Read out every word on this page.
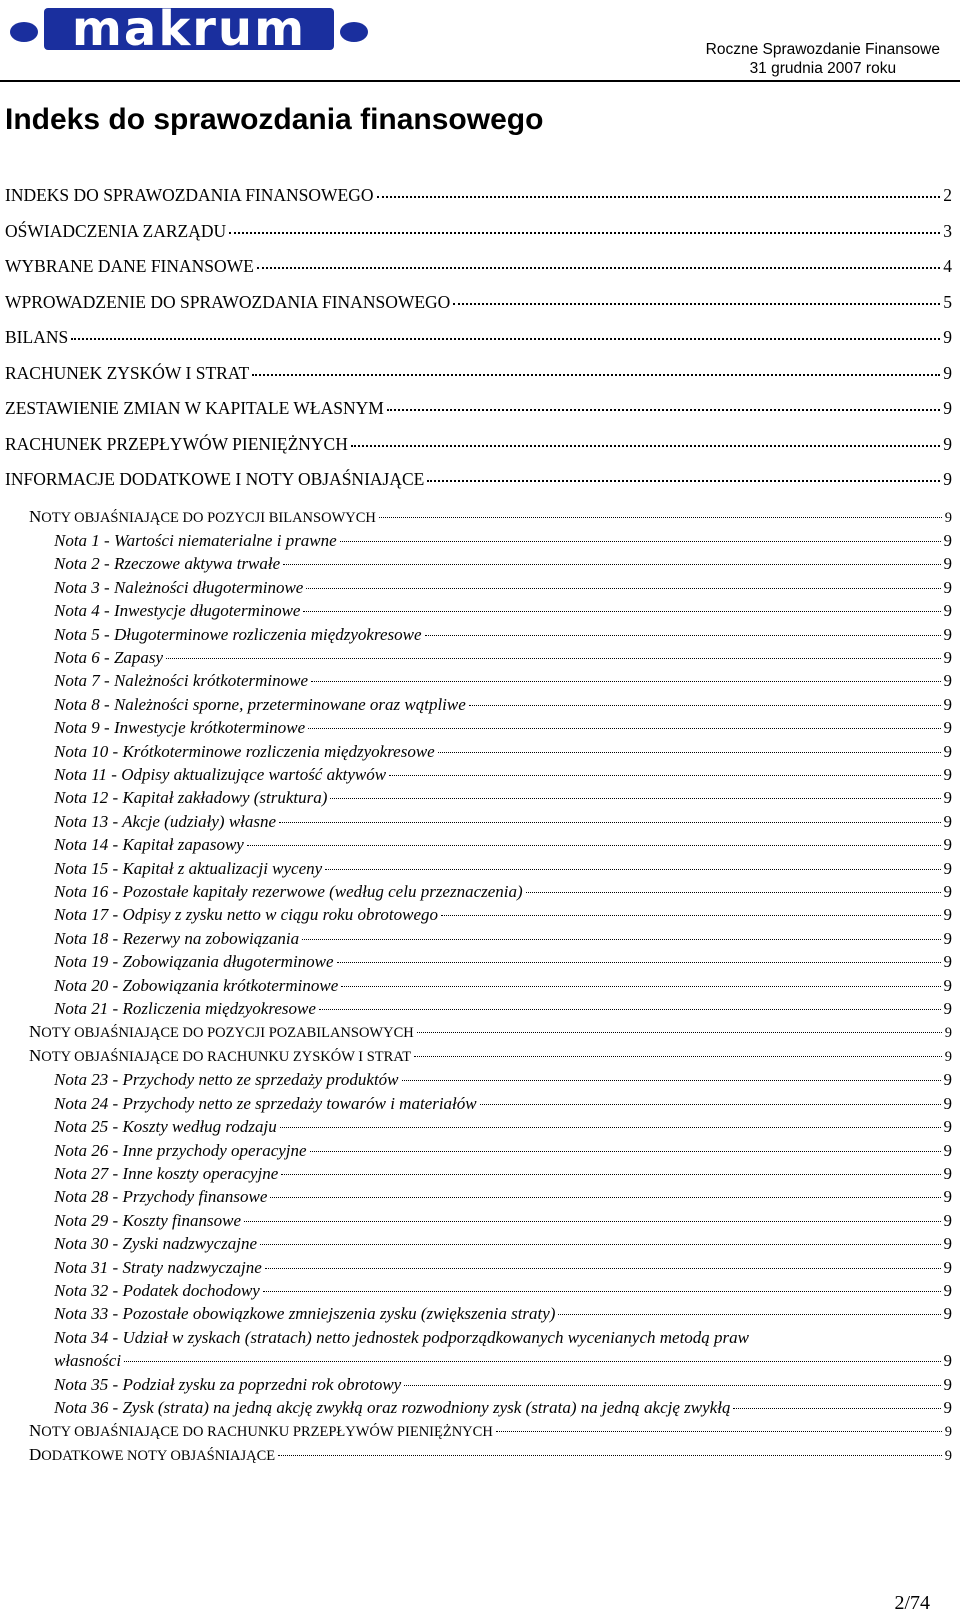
makrum	Roczne Sprawozdanie Finansowe
31 grudnia 2007 roku
Indeks do sprawozdania finansowego
INDEKS DO SPRAWOZDANIA FINANSOWEGO	2
OŚWIADCZENIA ZARZĄDU	3
WYBRANE DANE FINANSOWE	4
WPROWADZENIE DO SPRAWOZDANIA FINANSOWEGO	5
BILANS	9
RACHUNEK ZYSKÓW I STRAT	9
ZESTAWIENIE ZMIAN W KAPITALE WŁASNYM	9
RACHUNEK PRZEPŁYWÓW PIENIĘŻNYCH	9
INFORMACJE DODATKOWE I NOTY OBJAŚNIAJĄCE	9
NOTY OBJAŚNIAJĄCE DO POZYCJI BILANSOWYCH	9
Nota 1 - Wartości niematerialne i prawne	9
Nota 2 - Rzeczowe aktywa trwałe	9
Nota 3 - Należności długoterminowe	9
Nota 4 - Inwestycje długoterminowe	9
Nota 5 - Długoterminowe rozliczenia międzyokresowe	9
Nota 6 - Zapasy	9
Nota 7 - Należności krótkoterminowe	9
Nota 8 - Należności sporne, przeterminowane oraz wątpliwe	9
Nota 9 - Inwestycje krótkoterminowe	9
Nota 10 - Krótkoterminowe rozliczenia międzyokresowe	9
Nota 11 - Odpisy aktualizujące wartość aktywów	9
Nota 12 - Kapitał zakładowy (struktura)	9
Nota 13 - Akcje (udziały) własne	9
Nota 14 - Kapitał zapasowy	9
Nota 15 - Kapitał z aktualizacji wyceny	9
Nota 16 - Pozostałe kapitały rezerwowe (według celu przeznaczenia)	9
Nota 17 - Odpisy z zysku netto w ciągu roku obrotowego	9
Nota 18 - Rezerwy na zobowiązania	9
Nota 19 - Zobowiązania długoterminowe	9
Nota 20 - Zobowiązania krótkoterminowe	9
Nota 21 - Rozliczenia międzyokresowe	9
NOTY OBJAŚNIAJĄCE DO POZYCJI POZABILANSOWYCH	9
NOTY OBJAŚNIAJĄCE DO RACHUNKU ZYSKÓW I STRAT	9
Nota 23 - Przychody netto ze sprzedaży produktów	9
Nota 24 - Przychody netto ze sprzedaży towarów i materiałów	9
Nota 25 - Koszty według rodzaju	9
Nota 26 - Inne przychody operacyjne	9
Nota 27 - Inne koszty operacyjne	9
Nota 28 - Przychody finansowe	9
Nota 29 - Koszty finansowe	9
Nota 30 - Zyski nadzwyczajne	9
Nota 31 - Straty nadzwyczajne	9
Nota 32 - Podatek dochodowy	9
Nota 33 - Pozostałe obowiązkowe zmniejszenia zysku (zwiększenia straty)	9
Nota 34 - Udział w zyskach (stratach) netto jednostek podporządkowanych wycenianych metodą praw
własności	9
Nota 35 - Podział zysku za poprzedni rok obrotowy	9
Nota 36 - Zysk (strata) na jedną akcję zwykłą oraz rozwodniony zysk (strata) na jedną akcję zwykłą	9
NOTY OBJAŚNIAJĄCE DO RACHUNKU PRZEPŁYWÓW PIENIĘŻNYCH	9
DODATKOWE NOTY OBJAŚNIAJĄCE	9
2/74
